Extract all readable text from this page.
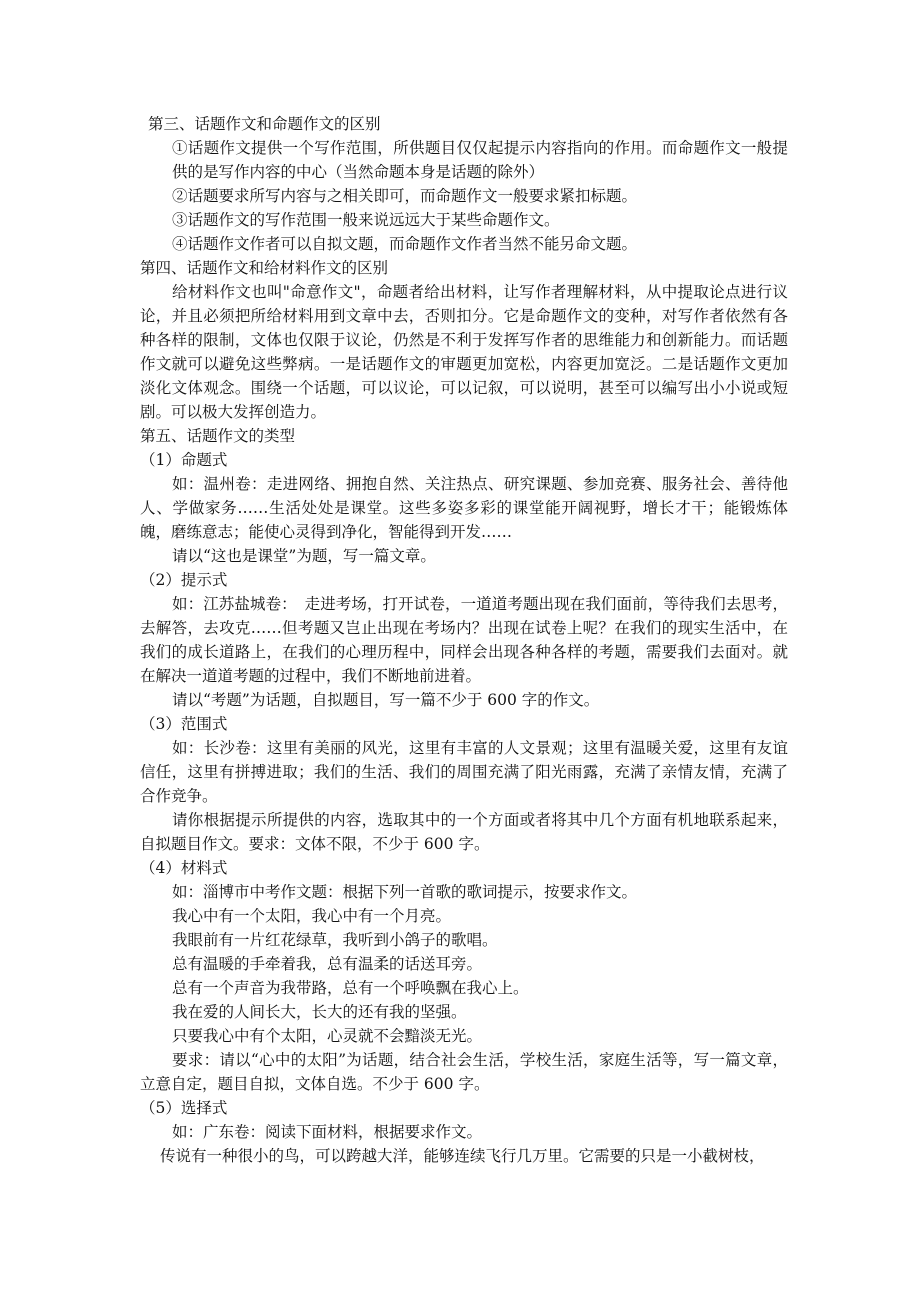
第三、话题作文和命题作文的区别
①话题作文提供一个写作范围，所供题目仅仅起提示内容指向的作用。而命题作文一般提供的是写作内容的中心（当然命题本身是话题的除外）
②话题要求所写内容与之相关即可，而命题作文一般要求紧扣标题。
③话题作文的写作范围一般来说远远大于某些命题作文。
④话题作文作者可以自拟文题，而命题作文作者当然不能另命文题。
第四、话题作文和给材料作文的区别
给材料作文也叫"命意作文"，命题者给出材料，让写作者理解材料，从中提取论点进行议论，并且必须把所给材料用到文章中去，否则扣分。它是命题作文的变种，对写作者依然有各种各样的限制，文体也仅限于议论，仍然是不利于发挥写作者的思维能力和创新能力。而话题作文就可以避免这些弊病。一是话题作文的审题更加宽松，内容更加宽泛。二是话题作文更加淡化文体观念。围绕一个话题，可以议论，可以记叙，可以说明，甚至可以编写出小小说或短剧。可以极大发挥创造力。
第五、话题作文的类型
（1）命题式
如：温州卷：走进网络、拥抱自然、关注热点、研究课题、参加竞赛、服务社会、善待他人、学做家务……生活处处是课堂。这些多姿多彩的课堂能开阔视野，增长才干；能锻炼体魄，磨练意志；能使心灵得到净化，智能得到开发……
请以“这也是课堂”为题，写一篇文章。
（2）提示式
如：江苏盐城卷：　走进考场，打开试卷，一道道考题出现在我们面前，等待我们去思考，去解答，去攻克……但考题又岂止出现在考场内？出现在试卷上呢？在我们的现实生活中，在我们的成长道路上，在我们的心理历程中，同样会出现各种各样的考题，需要我们去面对。就在解决一道道考题的过程中，我们不断地前进着。
请以“考题”为话题，自拟题目，写一篇不少于 600 字的作文。
（3）范围式
如：长沙卷：这里有美丽的风光，这里有丰富的人文景观；这里有温暖关爱，这里有友谊信任，这里有拼搏进取；我们的生活、我们的周围充满了阳光雨露，充满了亲情友情，充满了合作竞争。
请你根据提示所提供的内容，选取其中的一个方面或者将其中几个方面有机地联系起来，自拟题目作文。要求：文体不限，不少于 600 字。
（4）材料式
如：淄博市中考作文题：根据下列一首歌的歌词提示，按要求作文。
我心中有一个太阳，我心中有一个月亮。
我眼前有一片红花绿草，我听到小鸽子的歌唱。
总有温暖的手牵着我，总有温柔的话送耳旁。
总有一个声音为我带路，总有一个呼唤飘在我心上。
我在爱的人间长大，长大的还有我的坚强。
只要我心中有个太阳，心灵就不会黯淡无光。
要求：请以“心中的太阳”为话题，结合社会生活，学校生活，家庭生活等，写一篇文章，立意自定，题目自拟，文体自选。不少于 600 字。
（5）选择式
如：广东卷：阅读下面材料，根据要求作文。
传说有一种很小的鸟，可以跨越大洋，能够连续飞行几万里。它需要的只是一小截树枝，
